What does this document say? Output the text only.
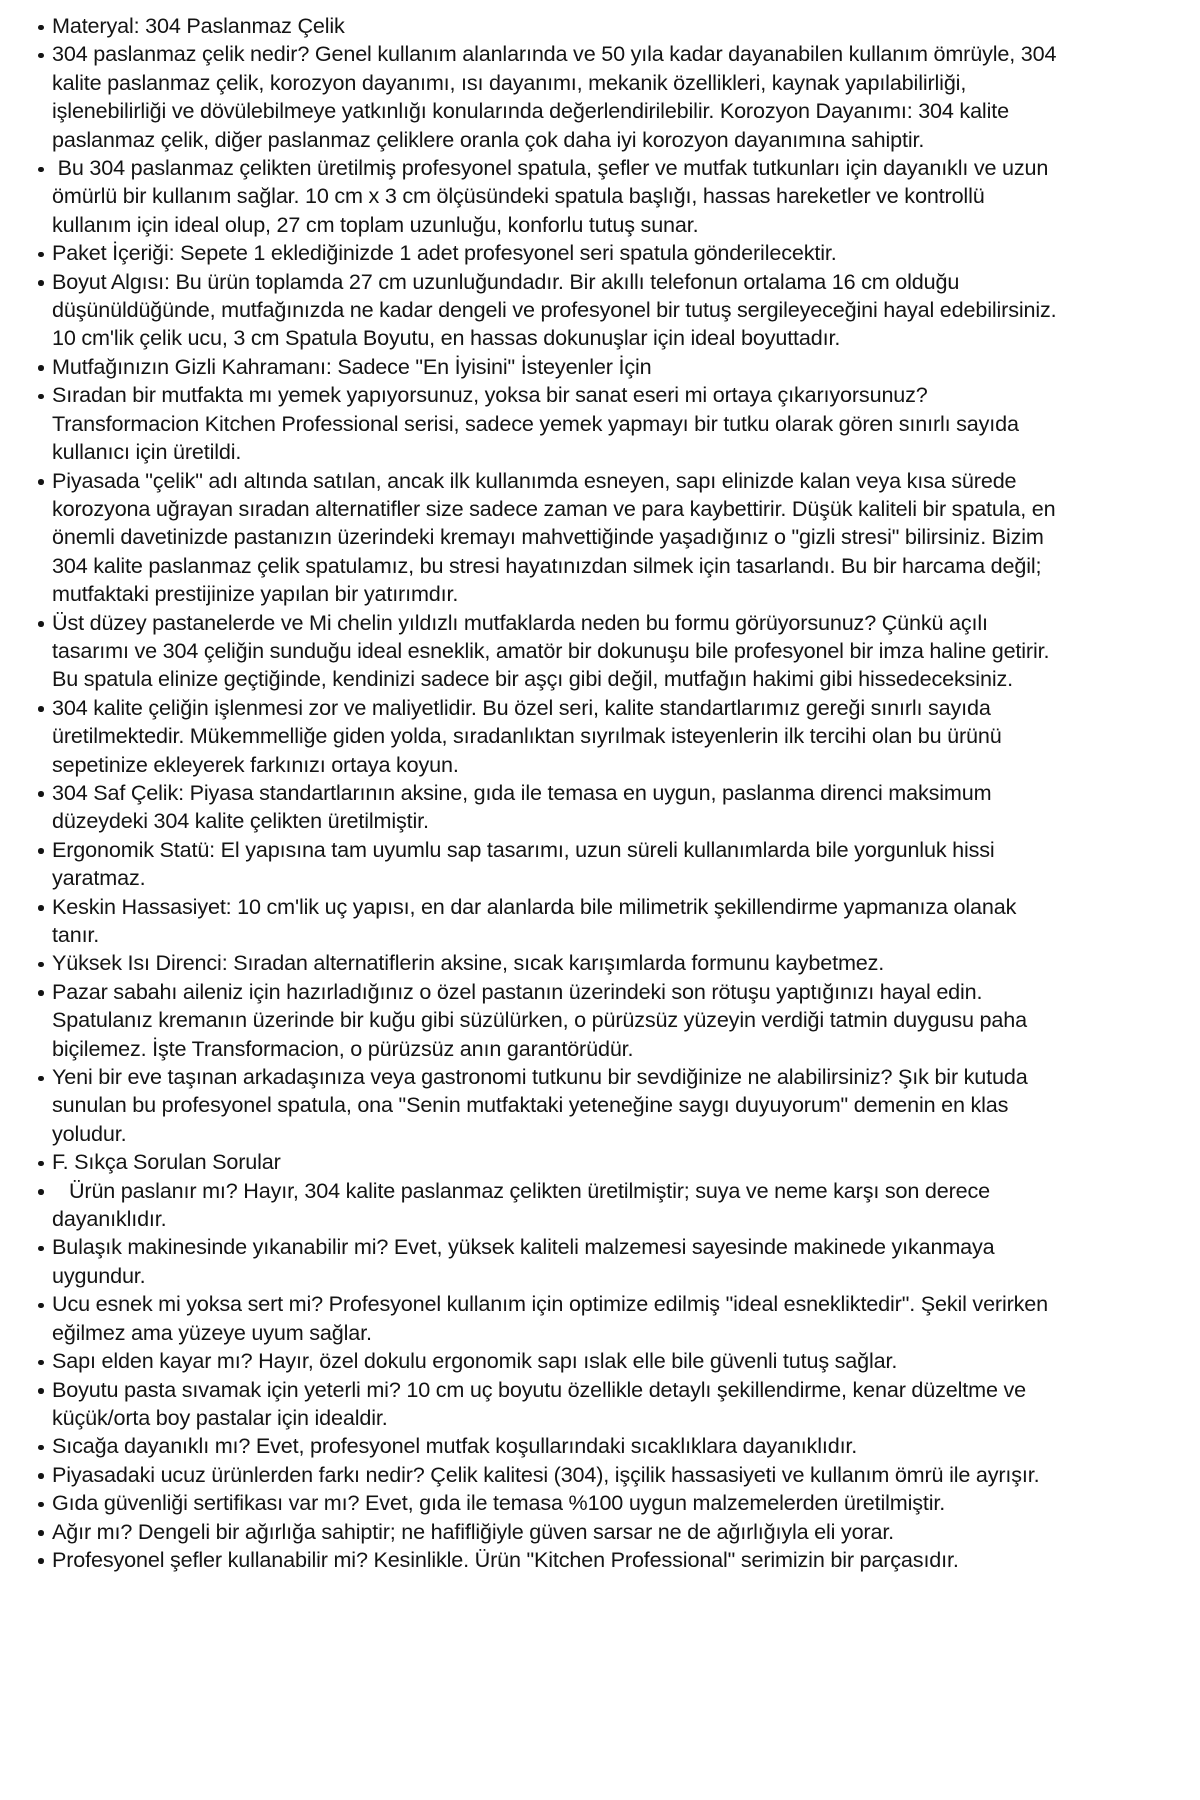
Materyal: 304 Paslanmaz Çelik
304 paslanmaz çelik nedir? Genel kullanım alanlarında ve 50 yıla kadar dayanabilen kullanım ömrüyle, 304 kalite paslanmaz çelik, korozyon dayanımı, ısı dayanımı, mekanik özellikleri, kaynak yapılabilirliği, işlenebilirliği ve dövülebilmeye yatkınlığı konularında değerlendirilebilir. Korozyon Dayanımı: 304 kalite paslanmaz çelik, diğer paslanmaz çeliklere oranla çok daha iyi korozyon dayanımına sahiptir.
Bu 304 paslanmaz çelikten üretilmiş profesyonel spatula, şefler ve mutfak tutkunları için dayanıklı ve uzun ömürlü bir kullanım sağlar. 10 cm x 3 cm ölçüsündeki spatula başlığı, hassas hareketler ve kontrollü kullanım için ideal olup, 27 cm toplam uzunluğu, konforlu tutuş sunar.
Paket İçeriği: Sepete 1 eklediğinizde 1 adet profesyonel seri spatula gönderilecektir.
Boyut Algısı: Bu ürün toplamda 27 cm uzunluğundadır. Bir akıllı telefonun ortalama 16 cm olduğu düşünüldüğünde, mutfağınızda ne kadar dengeli ve profesyonel bir tutuş sergileyeceğini hayal edebilirsiniz. 10 cm'lik çelik ucu, 3 cm Spatula Boyutu, en hassas dokunuşlar için ideal boyuttadır.
Mutfağınızın Gizli Kahramanı: Sadece "En İyisini" İsteyenler İçin
Sıradan bir mutfakta mı yemek yapıyorsunuz, yoksa bir sanat eseri mi ortaya çıkarıyorsunuz? Transformacion Kitchen Professional serisi, sadece yemek yapmayı bir tutku olarak gören sınırlı sayıda kullanıcı için üretildi.
Piyasada "çelik" adı altında satılan, ancak ilk kullanımda esneyen, sapı elinizde kalan veya kısa sürede korozyona uğrayan sıradan alternatifler size sadece zaman ve para kaybettirir. Düşük kaliteli bir spatula, en önemli davetinizde pastanızın üzerindeki kremayı mahvettiğinde yaşadığınız o "gizli stresi" bilirsiniz. Bizim 304 kalite paslanmaz çelik spatulamız, bu stresi hayatınızdan silmek için tasarlandı. Bu bir harcama değil; mutfaktaki prestijinize yapılan bir yatırımdır.
Üst düzey pastanelerde ve Mi chelin yıldızlı mutfaklarda neden bu formu görüyorsunuz? Çünkü açılı tasarımı ve 304 çeliğin sunduğu ideal esneklik, amatör bir dokunuşu bile profesyonel bir imza haline getirir. Bu spatula elinize geçtiğinde, kendinizi sadece bir aşçı gibi değil, mutfağın hakimi gibi hissedeceksiniz.
304 kalite çeliğin işlenmesi zor ve maliyetlidir. Bu özel seri, kalite standartlarımız gereği sınırlı sayıda üretilmektedir. Mükemmelliğe giden yolda, sıradanlıktan sıyrılmak isteyenlerin ilk tercihi olan bu ürünü sepetinize ekleyerek farkınızı ortaya koyun.
304 Saf Çelik: Piyasa standartlarının aksine, gıda ile temasa en uygun, paslanma direnci maksimum düzeydeki 304 kalite çelikten üretilmiştir.
Ergonomik Statü: El yapısına tam uyumlu sap tasarımı, uzun süreli kullanımlarda bile yorgunluk hissi yaratmaz.
Keskin Hassasiyet: 10 cm'lik uç yapısı, en dar alanlarda bile milimetrik şekillendirme yapmanıza olanak tanır.
Yüksek Isı Direnci: Sıradan alternatiflerin aksine, sıcak karışımlarda formunu kaybetmez.
Pazar sabahı aileniz için hazırladığınız o özel pastanın üzerindeki son rötuşu yaptığınızı hayal edin. Spatulanız kremanın üzerinde bir kuğu gibi süzülürken, o pürüzsüz yüzeyin verdiği tatmin duygusu paha biçilemez. İşte Transformacion, o pürüzsüz anın garantörüdür.
Yeni bir eve taşınan arkadaşınıza veya gastronomi tutkunu bir sevdiğinize ne alabilirsiniz? Şık bir kutuda sunulan bu profesyonel spatula, ona "Senin mutfaktaki yeteneğine saygı duyuyorum" demenin en klas yoludur.
F. Sıkça Sorulan Sorular
Ürün paslanır mı? Hayır, 304 kalite paslanmaz çelikten üretilmiştir; suya ve neme karşı son derece dayanıklıdır.
Bulaşık makinesinde yıkanabilir mi? Evet, yüksek kaliteli malzemesi sayesinde makinede yıkanmaya uygundur.
Ucu esnek mi yoksa sert mi? Profesyonel kullanım için optimize edilmiş "ideal esnekliktedir". Şekil verirken eğilmez ama yüzeye uyum sağlar.
Sapı elden kayar mı? Hayır, özel dokulu ergonomik sapı ıslak elle bile güvenli tutuş sağlar.
Boyutu pasta sıvamak için yeterli mi? 10 cm uç boyutu özellikle detaylı şekillendirme, kenar düzeltme ve küçük/orta boy pastalar için idealdir.
Sıcağa dayanıklı mı? Evet, profesyonel mutfak koşullarındaki sıcaklıklara dayanıklıdır.
Piyasadaki ucuz ürünlerden farkı nedir? Çelik kalitesi (304), işçilik hassasiyeti ve kullanım ömrü ile ayrışır.
Gıda güvenliği sertifikası var mı? Evet, gıda ile temasa %100 uygun malzemelerden üretilmiştir.
Ağır mı? Dengeli bir ağırlığa sahiptir; ne hafifliğiyle güven sarsar ne de ağırlığıyla eli yorar.
Profesyonel şefler kullanabilir mi? Kesinlikle. Ürün "Kitchen Professional" serimizin bir parçasıdır.
